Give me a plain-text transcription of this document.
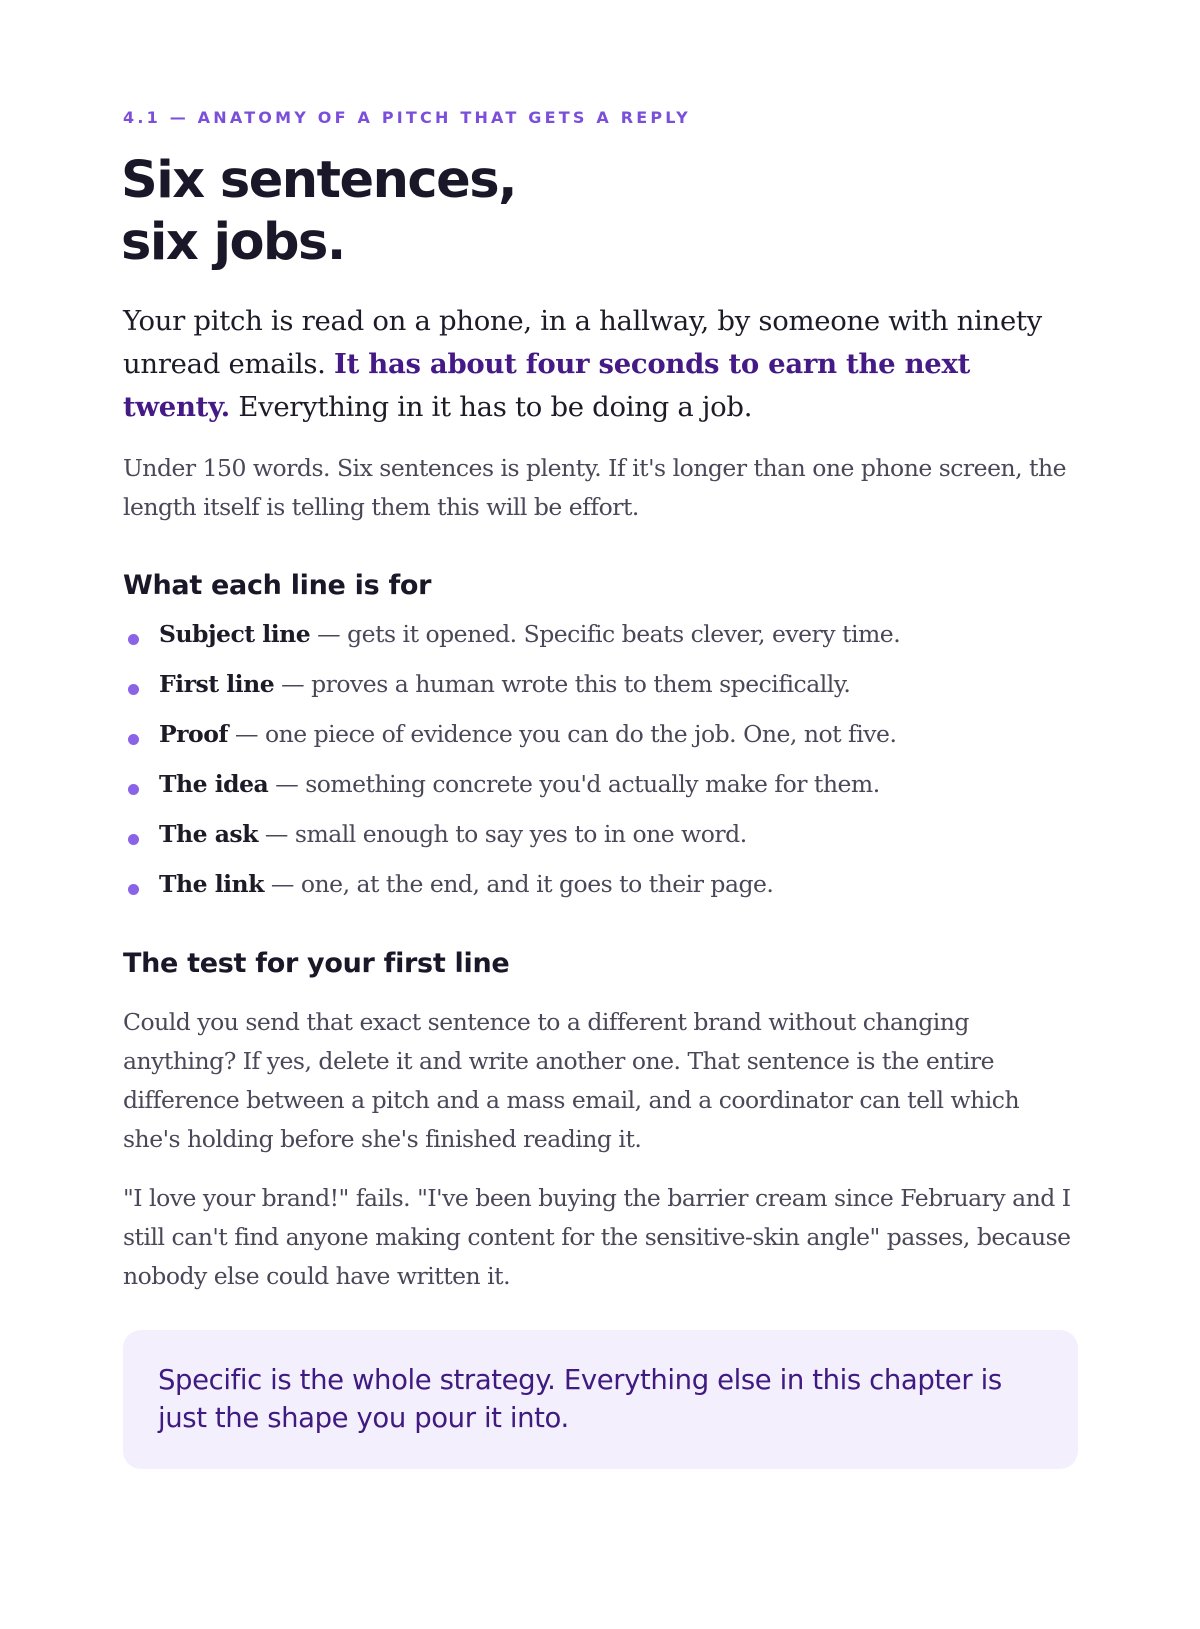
4.1 — ANATOMY OF A PITCH THAT GETS A REPLY

Six sentences,
six jobs.

Your pitch is read on a phone, in a hallway, by someone with ninety unread emails. It has about four seconds to earn the next twenty. Everything in it has to be doing a job.

Under 150 words. Six sentences is plenty. If it's longer than one phone screen, the length itself is telling them this will be effort.

What each line is for
Subject line — gets it opened. Specific beats clever, every time.
First line — proves a human wrote this to them specifically.
Proof — one piece of evidence you can do the job. One, not five.
The idea — something concrete you'd actually make for them.
The ask — small enough to say yes to in one word.
The link — one, at the end, and it goes to their page.
The test for your first line

Could you send that exact sentence to a different brand without changing anything? If yes, delete it and write another one. That sentence is the entire difference between a pitch and a mass email, and a coordinator can tell which she's holding before she's finished reading it.

"I love your brand!" fails. "I've been buying the barrier cream since February and I still can't find anyone making content for the sensitive-skin angle" passes, because nobody else could have written it.

Specific is the whole strategy. Everything else in this chapter is just the shape you pour it into.
